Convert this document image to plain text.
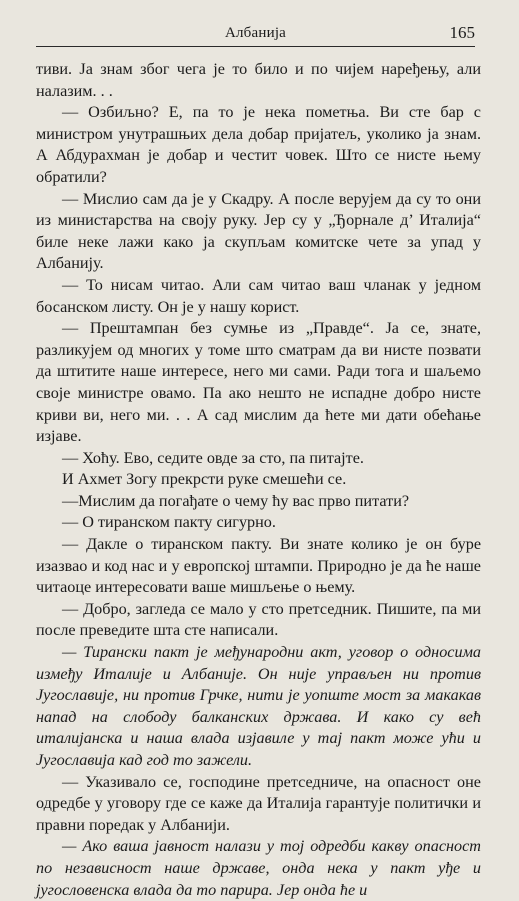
Албанија	165

тиви. Ја знам због чега је то било и по чијем наређењу, али налазим. . .

— Озбиљно? Е, па то је нека пометња. Ви сте бар с министром унутрашњих дела добар пријатељ, уколико ја знам. А Абдурахман је добар и честит човек. Што се нисте њему обратили?

— Мислио сам да је у Скадру. А после верујем да су то они из министарства на своју руку. Јер су у „Ђорнале д’ Италија“ биле неке лажи како ја скупљам комитске чете за упад у Албанију.

— То нисам читао. Али сам читао ваш чланак у једном босанском листу. Он је у нашу корист.

— Прештампан без сумње из „Правде“. Ја се, знате, разликујем од многих у томе што сматрам да ви нисте позвати да штитите наше интересе, него ми сами. Ради тога и шаљемо своје министре овамо. Па ако нешто не испадне добро нисте криви ви, него ми. . . А сад мислим да ћете ми дати обећање изјаве.

— Хоћу. Ево, седите овде за сто, па питајте.

И Ахмет Зогу прекрсти руке смешећи се.

—Мислим да погађате о чему ћу вас прво питати?

— О тиранском пакту сигурно.

— Дакле о тиранском пакту. Ви знате колико је он буре изазвао и код нас и у европској штампи. Природно је да ће наше читаоце интересовати ваше мишљење о њему.

— Добро, загледа се мало у сто претседник. Пишите, па ми после преведите шта сте написали.

— Тирански пакт је међународни акт, уговор о односима између Италије и Албаније. Он није управљен ни против Југославије, ни против Грчке, нити је уопште мост за макакав напад на слободу балканских држава. И како су већ италијанска и наша влада изјавиле у тај пакт може ући и Југославија кад год то зажели.

— Указивало се, господине претседниче, на опасност оне одредбе у уговору где се каже да Италија гарантује политички и правни поредак у Албанији.

— Ако ваша јавност налази у тој одредби какву опасност по независност наше државе, онда нека у пакт уђе и југословенска влада да то парира. Јер онда ће и
